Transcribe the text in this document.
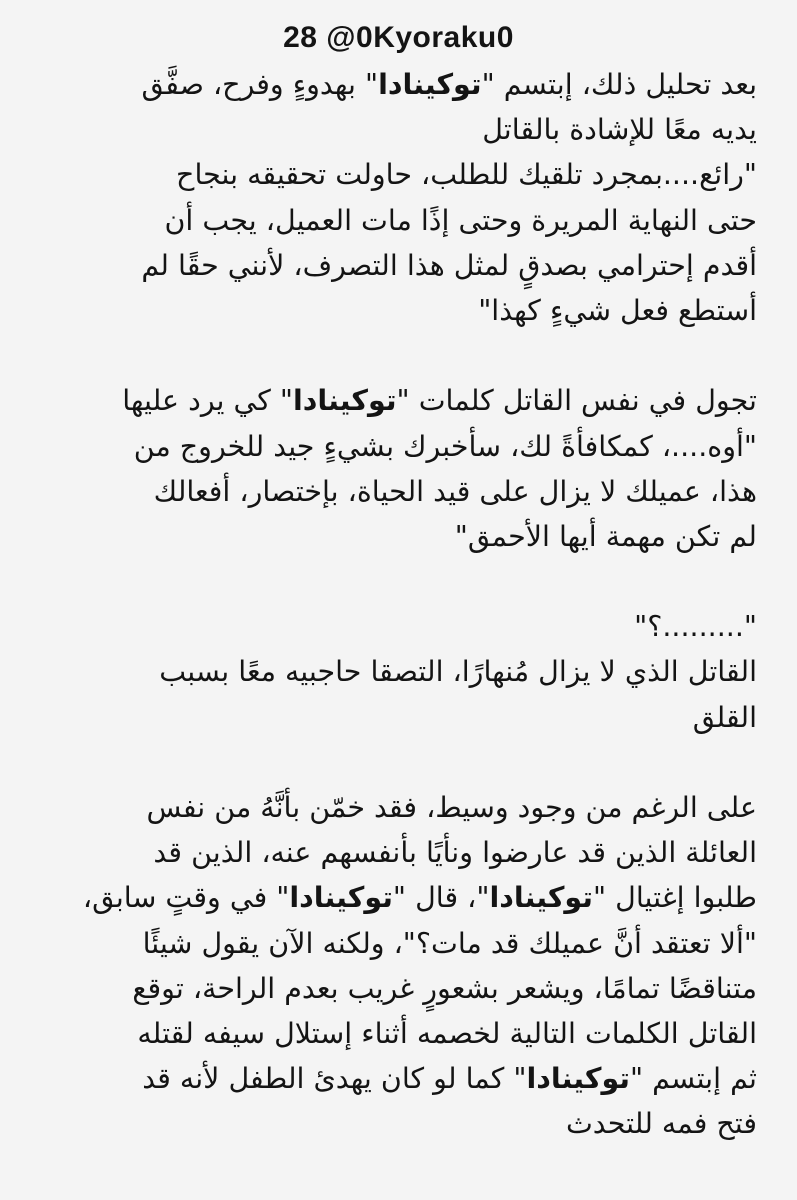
28 @0Kyoraku0
بعد تحليل ذلك، إبتسم "توكينادا" بهدوءٍ وفرح، صفَّق
يديه معًا للإشادة بالقاتل
"رائع....بمجرد تلقيك للطلب، حاولت تحقيقه بنجاح
حتى النهاية المريرة وحتى إذًا مات العميل، يجب أن
أقدم إحترامي بصدقٍ لمثل هذا التصرف، لأنني حقًا لم
أستطع فعل شيءٍ كهذا"
تجول في نفس القاتل كلمات "توكينادا" كي يرد عليها
"أوه....، كمكافأةً لك، سأخبرك بشيءٍ جيد للخروج من
هذا، عميلك لا يزال على قيد الحياة، بإختصار، أفعالك
لم تكن مهمة أيها الأحمق"
".........؟"
القاتل الذي لا يزال مُنهارًا، التصقا حاجبيه معًا بسبب
القلق
على الرغم من وجود وسيط، فقد خمّن بأنَّهُ من نفس
العائلة الذين قد عارضوا ونأيًا بأنفسهم عنه، الذين قد
طلبوا إغتيال "توكينادا"، قال "توكينادا" في وقتٍ سابق،
"ألا تعتقد أنَّ عميلك قد مات؟"، ولكنه الآن يقول شيئًا
متناقضًا تمامًا، ويشعر بشعورٍ غريب بعدم الراحة، توقع
القاتل الكلمات التالية لخصمه أثناء إستلال سيفه لقتله
ثم إبتسم "توكينادا" كما لو كان يهدئ الطفل لأنه قد
فتح فمه للتحدث
